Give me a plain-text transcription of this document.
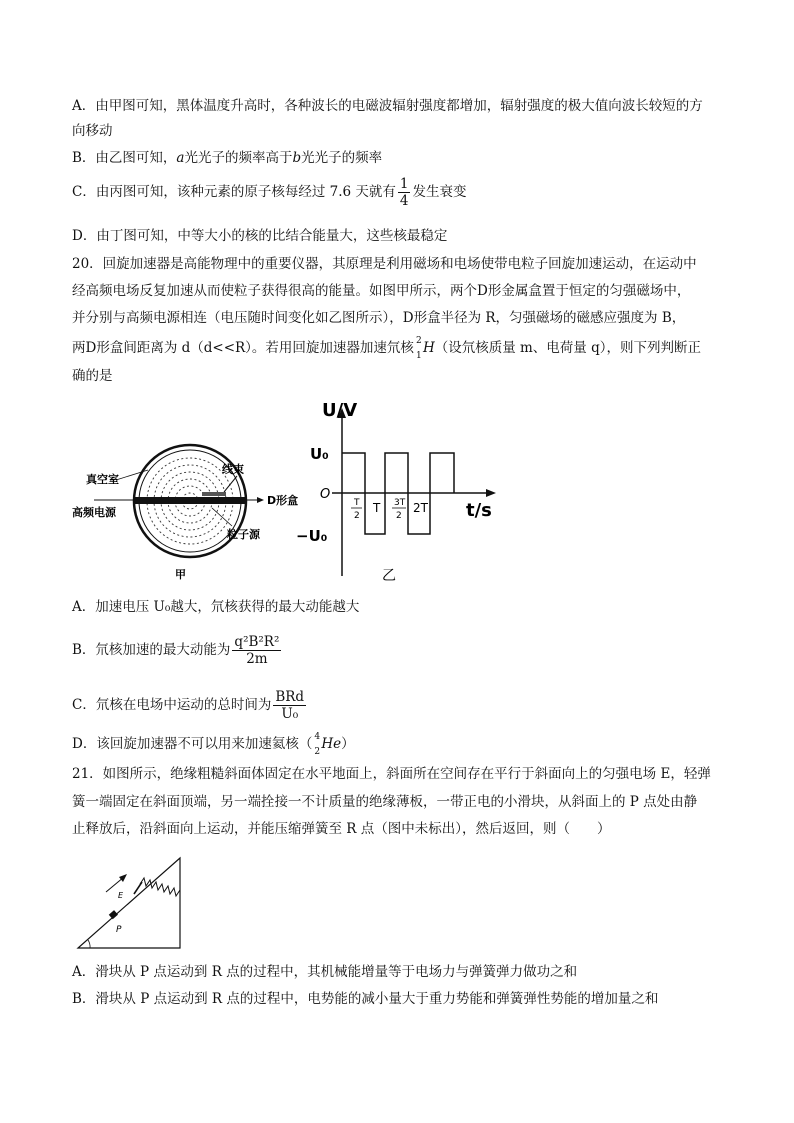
A．由甲图可知，黑体温度升高时，各种波长的电磁波辐射强度都增加，辐射强度的极大值向波长较短的方
向移动
B．由乙图可知，a光光子的频率高于b光光子的频率
C．由丙图可知，该种元素的原子核每经过 7.6 天就有 $\frac{1}{4}$ 发生衰变
D．由丁图可知，中等大小的核的比结合能量大，这些核最稳定
20．回旋加速器是高能物理中的重要仪器，其原理是利用磁场和电场使带电粒子回旋加速运动，在运动中
经高频电场反复加速从而使粒子获得很高的能量。如图甲所示，两个D形金属盒置于恒定的匀强磁场中，
并分别与高频电源相连（电压随时间变化如乙图所示），D形盒半径为 R，匀强磁场的磁感应强度为 B，
两D形盒间距离为 d（d<<R）。若用回旋加速器加速氘核 2
1 H（设氘核质量 m、电荷量 q），则下列判断正
确的是
真空室
线束
高频电源
D形盒
粒子源
甲
U/V
t/s
U₀
−U₀
O
T
2
T 3T
2
2T
乙
A．加速电压 U₀越大，氘核获得的最大动能越大
B．氘核加速的最大动能为 $\frac{\text{q²B²R²}}{2m}$
C．氘核在电场中运动的总时间为 $\frac{\text{BRd}}{\text{U₀}}$
D．该回旋加速器不可以用来加速氦核（ 4
2 He）
21．如图所示，绝缘粗糙斜面体固定在水平地面上，斜面所在空间存在平行于斜面向上的匀强电场 E，轻弹
簧一端固定在斜面顶端，另一端拴接一不计质量的绝缘薄板，一带正电的小滑块，从斜面上的 P 点处由静
止释放后，沿斜面向上运动，并能压缩弹簧至 R 点（图中未标出），然后返回，则（　　）
E
P
A．滑块从 P 点运动到 R 点的过程中，其机械能增量等于电场力与弹簧弹力做功之和
B．滑块从 P 点运动到 R 点的过程中，电势能的减小量大于重力势能和弹簧弹性势能的增加量之和
